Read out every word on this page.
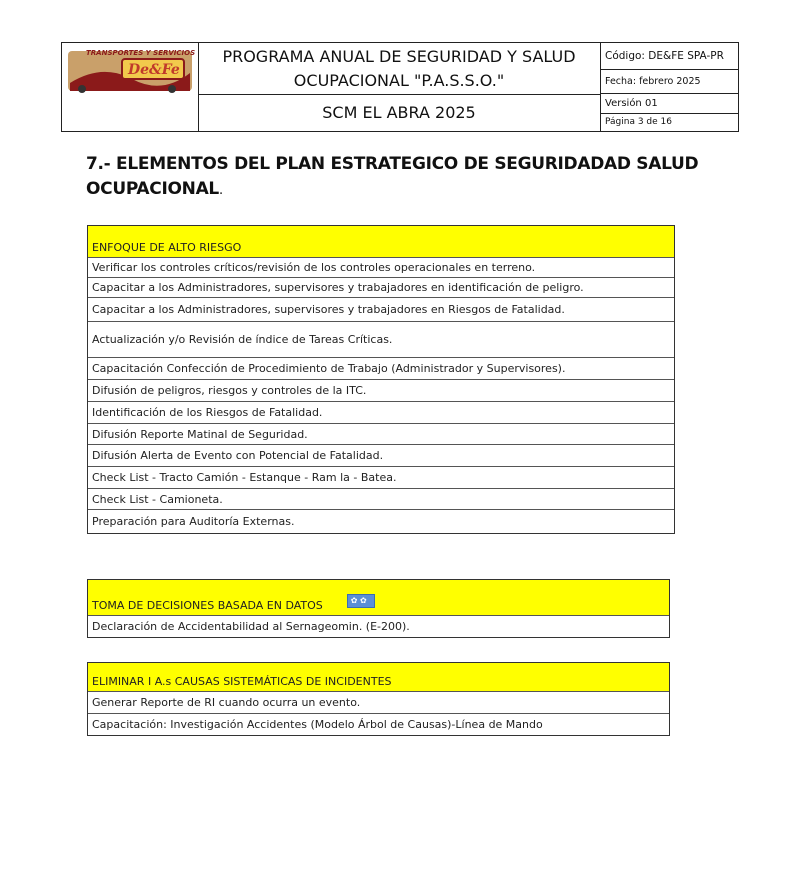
TRANSPORTES Y SERVICIOS
De&Fe
PROGRAMA ANUAL DE SEGURIDAD Y SALUD
OCUPACIONAL "P.A.S.S.O."
SCM EL ABRA 2025
Código: DE&FE SPA-PR
Fecha: febrero 2025
Versión 01
Página 3 de 16
7.- ELEMENTOS DEL PLAN ESTRATEGICO DE SEGURIDADAD SALUD
OCUPACIONAL.
ENFOQUE DE ALTO RIESGO
Verificar los controles críticos/revisión de los controles operacionales en terreno.
Capacitar a los Administradores, supervisores y trabajadores en identificación de peligro.
Capacitar a los Administradores, supervisores y trabajadores en Riesgos de Fatalidad.
Actualización y/o Revisión de índice de Tareas Críticas.
Capacitación Confección de Procedimiento de Trabajo (Administrador y Supervisores).
Difusión de peligros, riesgos y controles de la ITC.
Identificación de los Riesgos de Fatalidad.
Difusión Reporte Matinal de Seguridad.
Difusión Alerta de Evento con Potencial de Fatalidad.
Check List - Tracto Camión - Estanque - Ram la - Batea.
Check List - Camioneta.
Preparación para Auditoría Externas.
TOMA DE DECISIONES BASADA EN DATOS
✿ ✿
Declaración de Accidentabilidad al Sernageomin. (E-200).
ELIMINAR I A.s CAUSAS SISTEMÁTICAS DE INCIDENTES
Generar Reporte de RI cuando ocurra un evento.
Capacitación: Investigación Accidentes (Modelo Árbol de Causas)-Línea de Mando
